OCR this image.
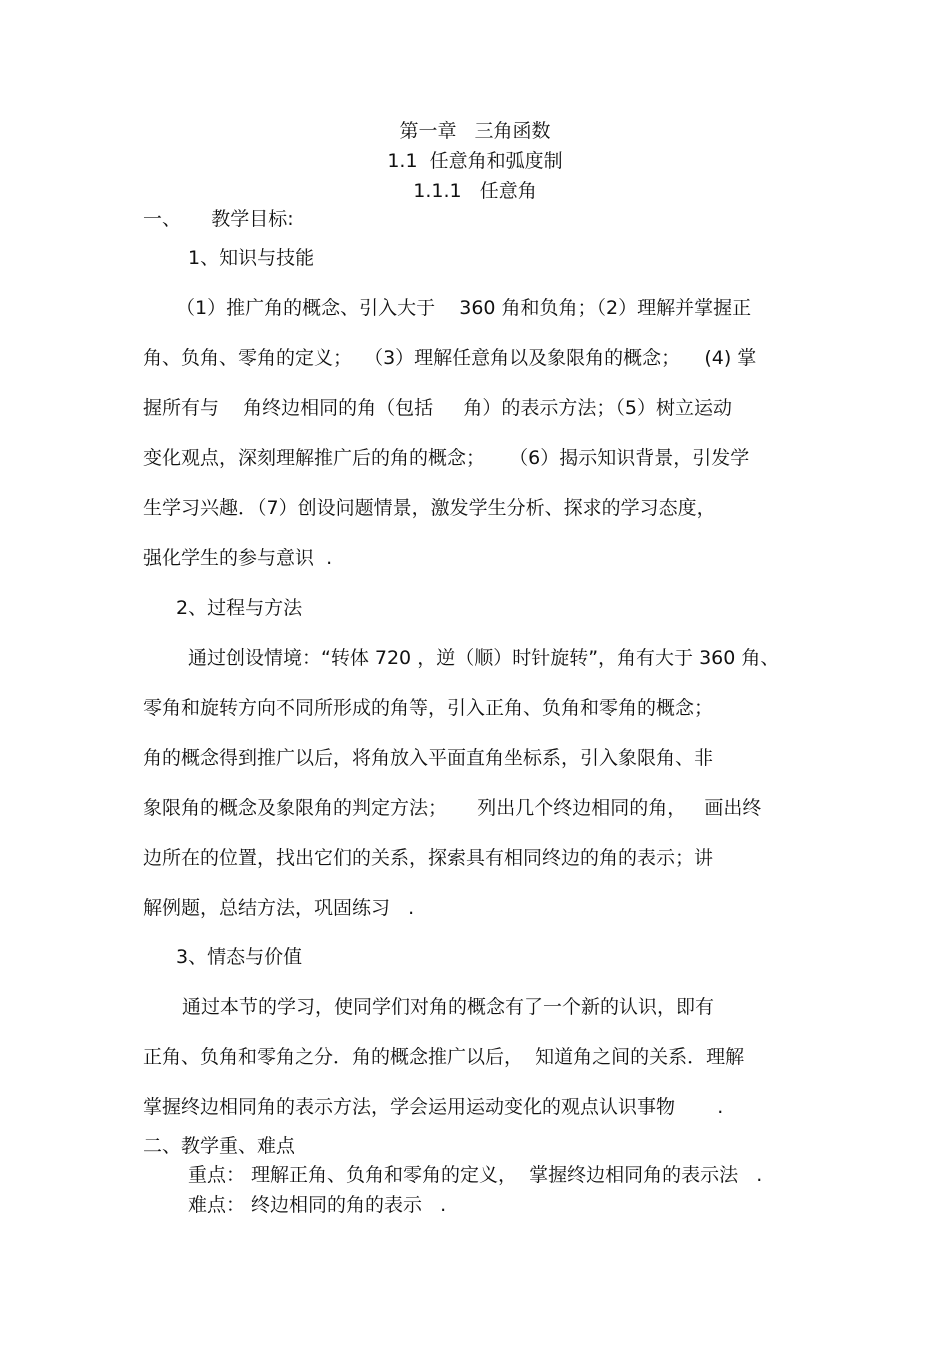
第一章   三角函数

1.1  任意角和弧度制

1.1.1   任意角

一、     教学目标:

1、知识与技能

（1）推广角的概念、引入大于    360 角和负角；（2）理解并掌握正

角、负角、零角的定义；  （3）理解任意角以及象限角的概念；    (4) 掌

握所有与    角终边相同的角（包括     角）的表示方法；（5）树立运动

变化观点，深刻理解推广后的角的概念；    （6）揭示知识背景，引发学

生学习兴趣．（7）创设问题情景，激发学生分析、探求的学习态度，

强化学生的参与意识  .

2、过程与方法

通过创设情境：“转体 720 ，逆（顺）时针旋转”，角有大于 360 角、

零角和旋转方向不同所形成的角等，引入正角、负角和零角的概念；

角的概念得到推广以后，将角放入平面直角坐标系，引入象限角、非

象限角的概念及象限角的判定方法；     列出几个终边相同的角，   画出终

边所在的位置，找出它们的关系，探索具有相同终边的角的表示；讲

解例题，总结方法，巩固练习   .

3、情态与价值

通过本节的学习，使同学们对角的概念有了一个新的认识，即有

正角、负角和零角之分．角的概念推广以后，  知道角之间的关系．理解

掌握终边相同角的表示方法，学会运用运动变化的观点认识事物       .

二、教学重、难点

重点： 理解正角、负角和零角的定义，  掌握终边相同角的表示法   .

难点： 终边相同的角的表示   .
